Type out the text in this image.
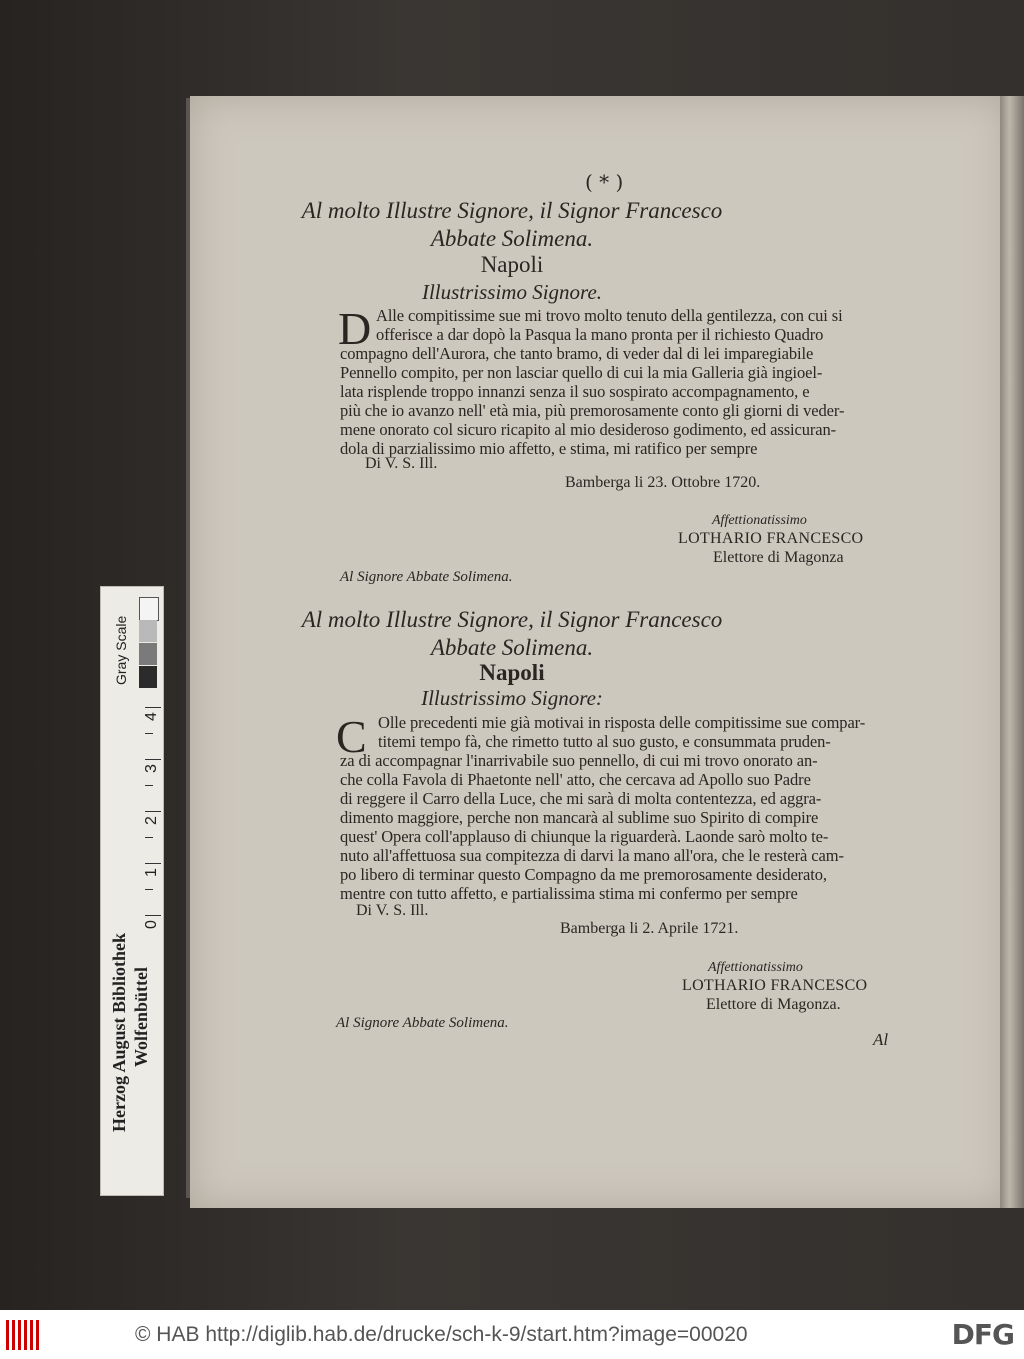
( * )
Al molto Illustre Signore, il Signor Francesco
Abbate Solimena.
Napoli
Illustrissimo Signore.
D Alle compitissime sue mi trovo molto tenuto della gentilezza, con cui si
offerisce a dar dopò la Pasqua la mano pronta per il richiesto Quadro
compagno dell'Aurora, che tanto bramo, di veder dal di lei imparegiabile
Pennello compito, per non lasciar quello di cui la mia Galleria già ingioel-
lata risplende troppo innanzi senza il suo sospirato accompagnamento, e
più che io avanzo nell' età mia, più premorosamente conto gli giorni di veder-
mene onorato col sicuro ricapito al mio desideroso godimento, ed assicuran-
dola di parzialissimo mio affetto, e stima, mi ratifico per sempre
Di V. S. Ill.
Bamberga li 23. Ottobre 1720.
Affettionatissimo
LOTHARIO FRANCESCO
Elettore di Magonza
Al Signore Abbate Solimena.
Al molto Illustre Signore, il Signor Francesco
Abbate Solimena.
Napoli
Illustrissimo Signore:
C Olle precedenti mie già motivai in risposta delle compitissime sue compar-
titemi tempo fà, che rimetto tutto al suo gusto, e consummata pruden-
za di accompagnar l'inarrivabile suo pennello, di cui mi trovo onorato an-
che colla Favola di Phaetonte nell' atto, che cercava ad Apollo suo Padre
di reggere il Carro della Luce, che mi sarà di molta contentezza, ed aggra-
dimento maggiore, perche non mancarà al sublime suo Spirito di compire
quest' Opera coll'applauso di chiunque la riguarderà. Laonde sarò molto te-
nuto all'affettuosa sua compitezza di darvi la mano all'ora, che le resterà cam-
po libero di terminar questo Compagno da me premorosamente desiderato,
mentre con tutto affetto, e partialissima stima mi confermo per sempre
Di V. S. Ill.
Bamberga li 2. Aprile 1721.
Affettionatissimo
LOTHARIO FRANCESCO
Elettore di Magonza.
Al Signore Abbate Solimena.
Al
Gray Scale
4
3
2
1
0
Herzog August Bibliothek Wolfenbüttel
© HAB http://diglib.hab.de/drucke/sch-k-9/start.htm?image=00020	DFG
